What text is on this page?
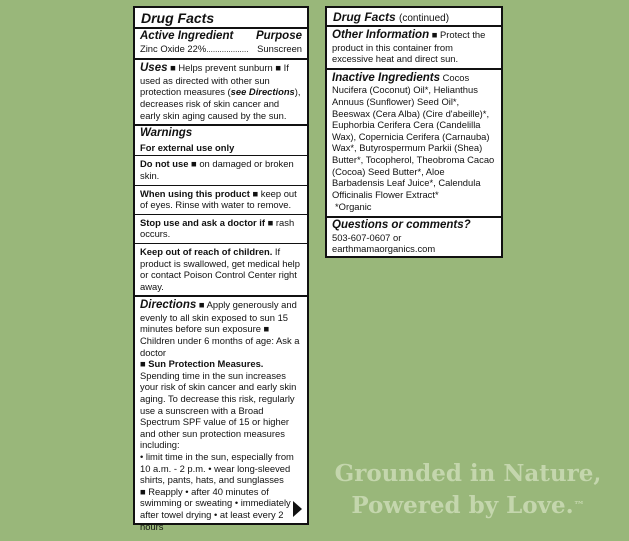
Drug Facts
Active Ingredient Purpose
Zinc Oxide 22%................... Sunscreen
Uses ■ Helps prevent sunburn ■ If used as directed with other sun protection measures (see Directions), decreases risk of skin cancer and early skin aging caused by the sun.
Warnings
For external use only
Do not use ■ on damaged or broken skin.
When using this product ■ keep out of eyes. Rinse with water to remove.
Stop use and ask a doctor if ■ rash occurs.
Keep out of reach of children. If product is swallowed, get medical help or contact Poison Control Center right away.
Directions ■ Apply generously and evenly to all skin exposed to sun 15 minutes before sun exposure ■ Children under 6 months of age: Ask a doctor
■ Sun Protection Measures. Spending time in the sun increases your risk of skin cancer and early skin aging. To decrease this risk, regularly use a sunscreen with a Broad Spectrum SPF value of 15 or higher and other sun protection measures including:
• limit time in the sun, especially from 10 a.m. - 2 p.m. • wear long-sleeved shirts, pants, hats, and sunglasses
■ Reapply • after 40 minutes of swimming or sweating • immediately after towel drying • at least every 2 hours
Drug Facts (continued)
Other Information ■ Protect the product in this container from excessive heat and direct sun.
Inactive Ingredients Cocos Nucifera (Coconut) Oil*, Helianthus Annuus (Sunflower) Seed Oil*, Beeswax (Cera Alba) (Cire d'abeille)*, Euphorbia Cerifera Cera (Candelilla Wax), Copernicia Cerifera (Carnauba) Wax*, Butyrospermum Parkii (Shea) Butter*, Tocopherol, Theobroma Cacao (Cocoa) Seed Butter*, Aloe Barbadensis Leaf Juice*, Calendula Officinalis Flower Extract*
*Organic
Questions or comments?
503-607-0607 or earthmamaorganics.com
Grounded in Nature,
Powered by Love.™
